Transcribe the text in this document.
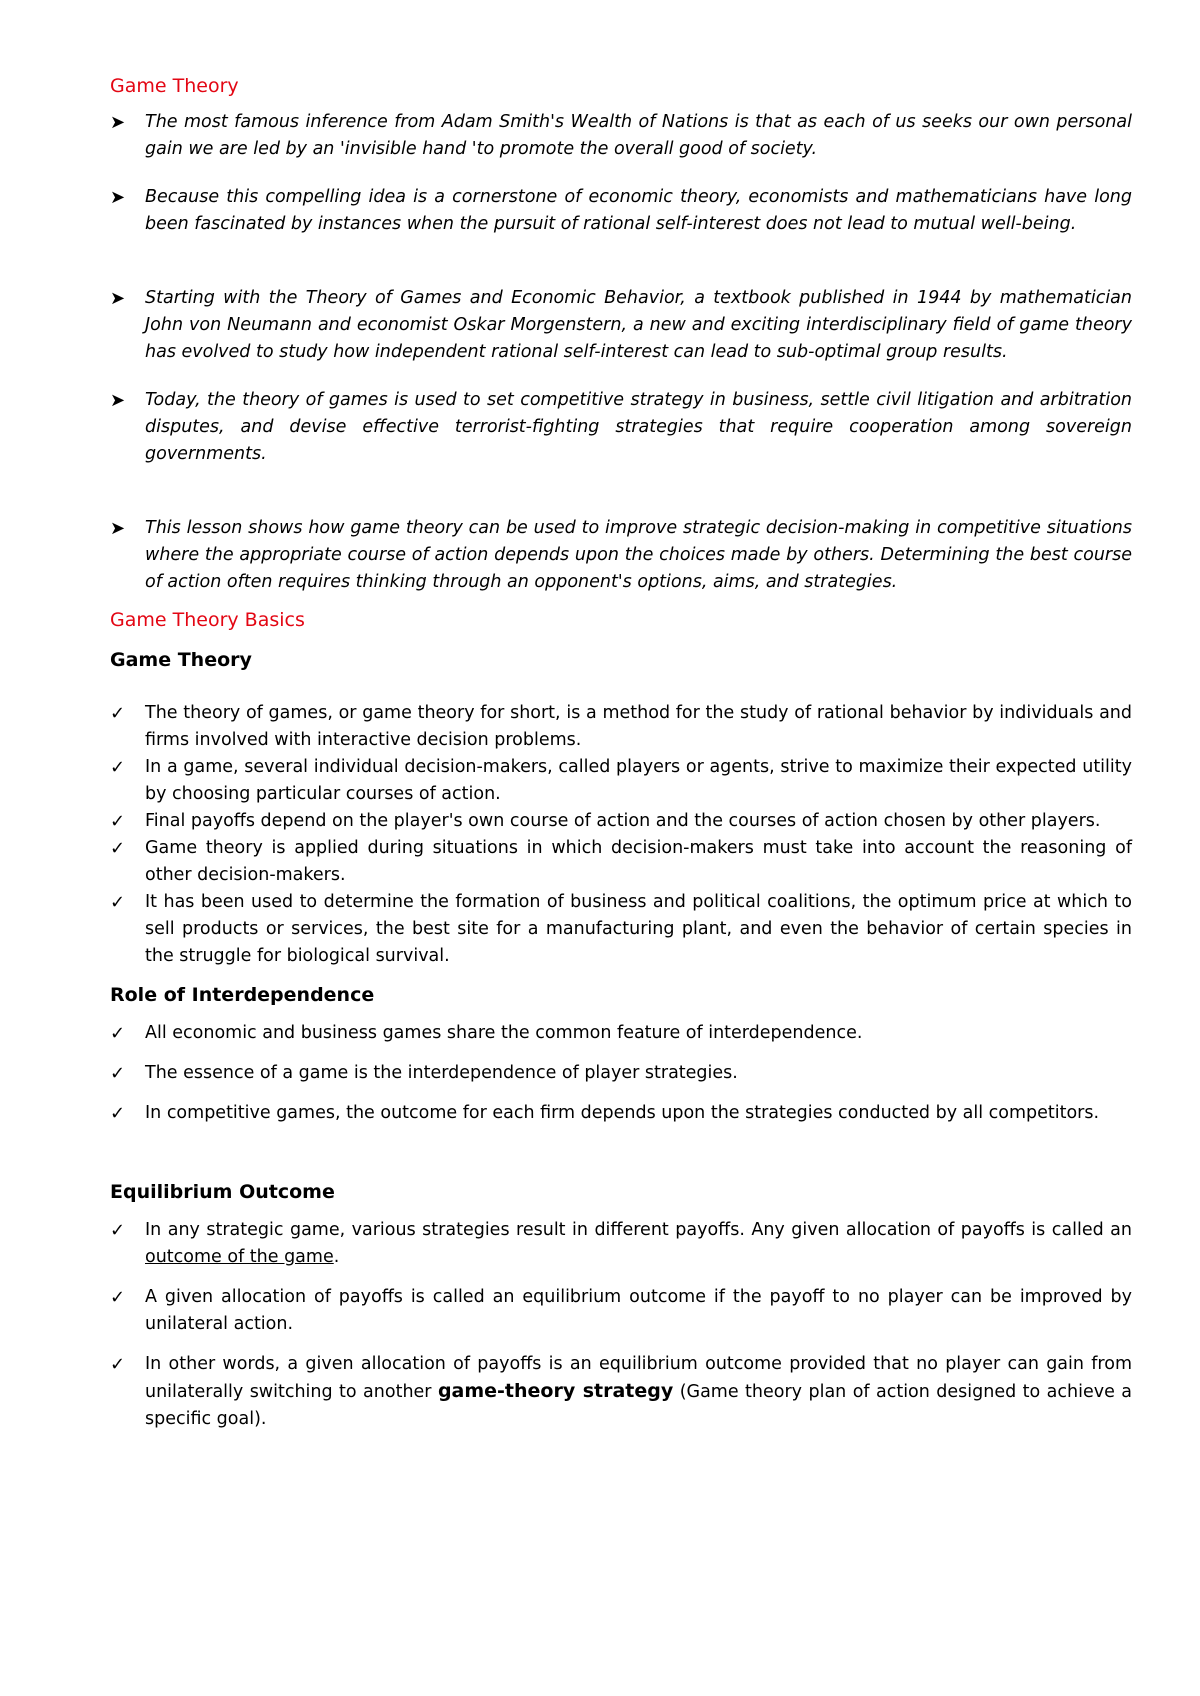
Game Theory
➤ The most famous inference from Adam Smith's Wealth of Nations is that as each of us seeks our own personal gain we are led by an 'invisible hand 'to promote the overall good of society.
➤ Because this compelling idea is a cornerstone of economic theory, economists and mathematicians have long been fascinated by instances when the pursuit of rational self-interest does not lead to mutual well-being.
➤ Starting with the Theory of Games and Economic Behavior, a textbook published in 1944 by mathematician John von Neumann and economist Oskar Morgenstern, a new and exciting interdisciplinary field of game theory has evolved to study how independent rational self-interest can lead to sub-optimal group results.
➤ Today, the theory of games is used to set competitive strategy in business, settle civil litigation and arbitration disputes, and devise effective terrorist-fighting strategies that require cooperation among sovereign governments.
➤ This lesson shows how game theory can be used to improve strategic decision-making in competitive situations where the appropriate course of action depends upon the choices made by others. Determining the best course of action often requires thinking through an opponent's options, aims, and strategies.
Game Theory Basics
Game Theory
✓ The theory of games, or game theory for short, is a method for the study of rational behavior by individuals and firms involved with interactive decision problems.
✓ In a game, several individual decision-makers, called players or agents, strive to maximize their expected utility by choosing particular courses of action.
✓ Final payoffs depend on the player's own course of action and the courses of action chosen by other players.
✓ Game theory is applied during situations in which decision-makers must take into account the reasoning of other decision-makers.
✓ It has been used to determine the formation of business and political coalitions, the optimum price at which to sell products or services, the best site for a manufacturing plant, and even the behavior of certain species in the struggle for biological survival.
Role of Interdependence
✓ All economic and business games share the common feature of interdependence.
✓ The essence of a game is the interdependence of player strategies.
✓ In competitive games, the outcome for each firm depends upon the strategies conducted by all competitors.
Equilibrium Outcome
✓ In any strategic game, various strategies result in different payoffs. Any given allocation of payoffs is called an outcome of the game.
✓ A given allocation of payoffs is called an equilibrium outcome if the payoff to no player can be improved by unilateral action.
✓ In other words, a given allocation of payoffs is an equilibrium outcome provided that no player can gain from unilaterally switching to another game-theory strategy (Game theory plan of action designed to achieve a specific goal).
